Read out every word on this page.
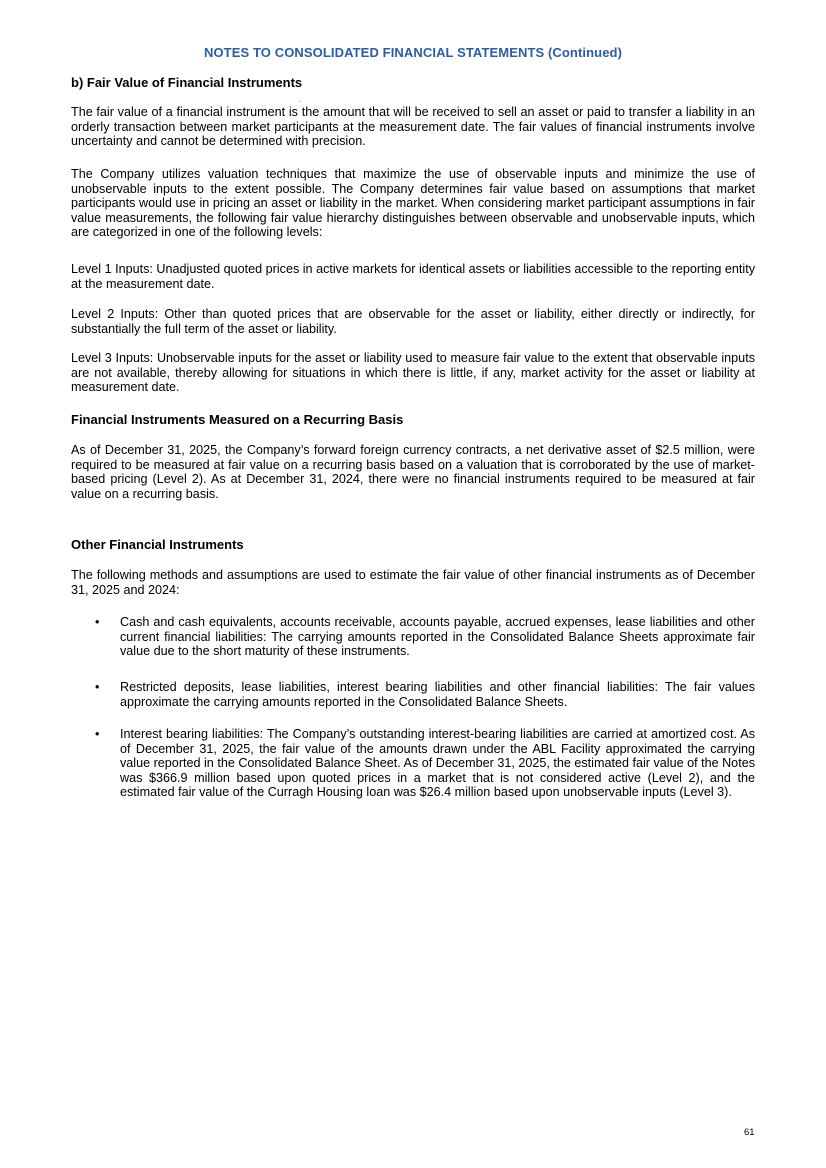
NOTES TO CONSOLIDATED FINANCIAL STATEMENTS (Continued)
b) Fair Value of Financial Instruments
The fair value of a financial instrument is the amount that will be received to sell an asset or paid to transfer a liability in an orderly transaction between market participants at the measurement date. The fair values of financial instruments involve uncertainty and cannot be determined with precision.
The Company utilizes valuation techniques that maximize the use of observable inputs and minimize the use of unobservable inputs to the extent possible. The Company determines fair value based on assumptions that market participants would use in pricing an asset or liability in the market. When considering market participant assumptions in fair value measurements, the following fair value hierarchy distinguishes between observable and unobservable inputs, which are categorized in one of the following levels:
Level 1 Inputs: Unadjusted quoted prices in active markets for identical assets or liabilities accessible to the reporting entity at the measurement date.
Level 2 Inputs: Other than quoted prices that are observable for the asset or liability, either directly or indirectly, for substantially the full term of the asset or liability.
Level 3 Inputs: Unobservable inputs for the asset or liability used to measure fair value to the extent that observable inputs are not available, thereby allowing for situations in which there is little, if any, market activity for the asset or liability at measurement date.
Financial Instruments Measured on a Recurring Basis
As of December 31, 2025, the Company’s forward foreign currency contracts, a net derivative asset of $2.5 million, were required to be measured at fair value on a recurring basis based on a valuation that is corroborated by the use of market-based pricing (Level 2). As at December 31, 2024, there were no financial instruments required to be measured at fair value on a recurring basis.
Other Financial Instruments
The following methods and assumptions are used to estimate the fair value of other financial instruments as of December 31, 2025 and 2024:
• Cash and cash equivalents, accounts receivable, accounts payable, accrued expenses, lease liabilities and other current financial liabilities: The carrying amounts reported in the Consolidated Balance Sheets approximate fair value due to the short maturity of these instruments.
• Restricted deposits, lease liabilities, interest bearing liabilities and other financial liabilities: The fair values approximate the carrying amounts reported in the Consolidated Balance Sheets.
• Interest bearing liabilities: The Company’s outstanding interest-bearing liabilities are carried at amortized cost. As of December 31, 2025, the fair value of the amounts drawn under the ABL Facility approximated the carrying value reported in the Consolidated Balance Sheet. As of December 31, 2025, the estimated fair value of the Notes was $366.9 million based upon quoted prices in a market that is not considered active (Level 2), and the estimated fair value of the Curragh Housing loan was $26.4 million based upon unobservable inputs (Level 3).
61
